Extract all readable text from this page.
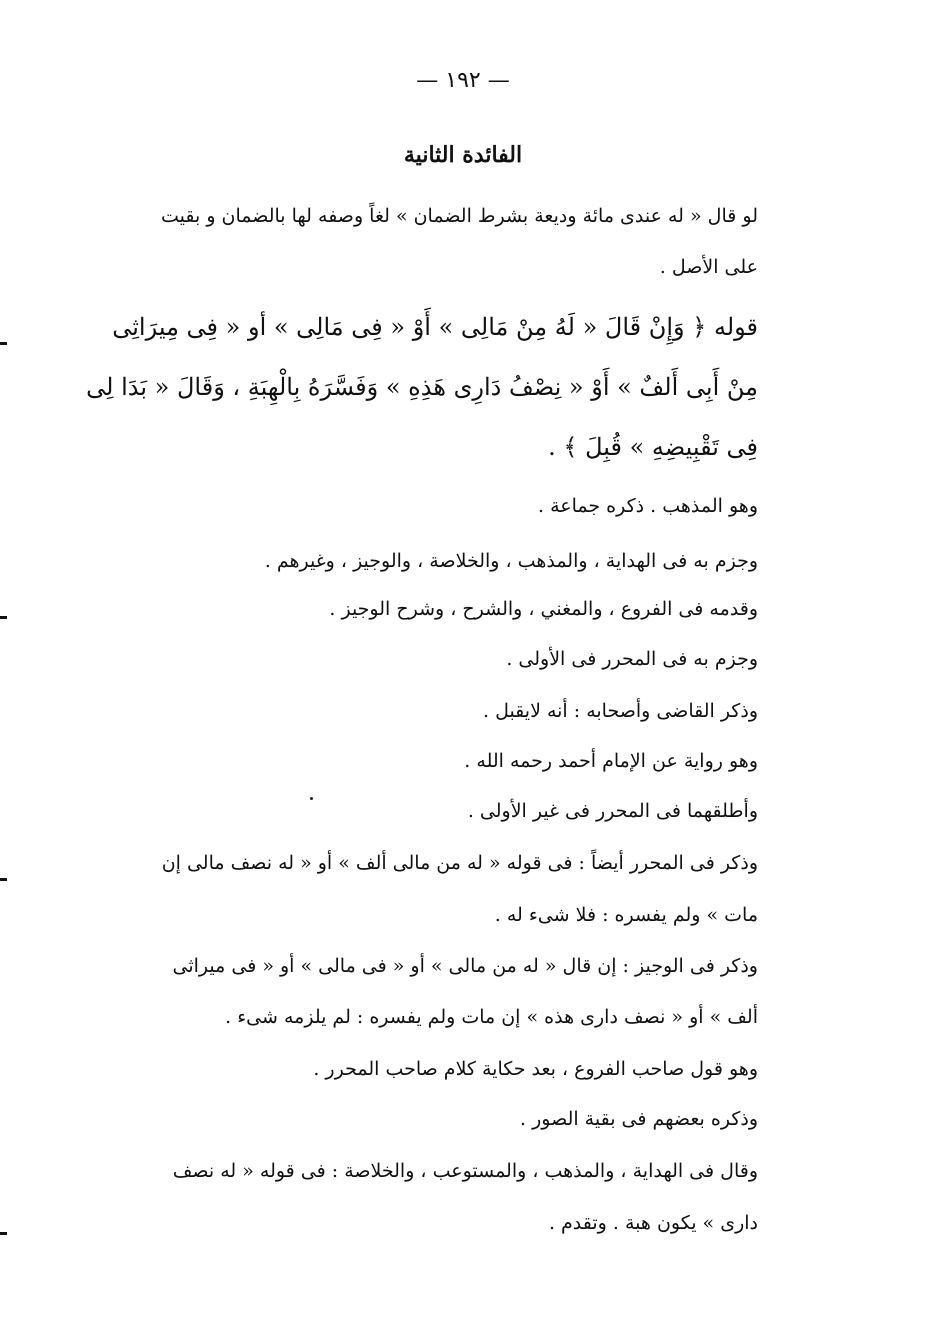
— ١٩٢ —
الفائدة الثانية
لو قال « له عندى مائة وديعة بشرط الضمان » لغاً وصفه لها بالضمان و بقيت
على الأصل .
قوله ﴿ وَإِنْ قَالَ « لَهُ مِنْ مَالِى » أَوْ « فِى مَالِى » أو « فِى مِيرَاثِى
مِنْ أَبِى أَلفٌ » أَوْ « نِصْفُ دَارِى هَذِهِ » وَفَسَّرَهُ بِالْهِبَةِ ، وَقَالَ « بَدَا لِى
فِى تَقْبِيضِهِ » قُبِلَ ﴾ .
وهو المذهب . ذكره جماعة .
وجزم به فى الهداية ، والمذهب ، والخلاصة ، والوجيز ، وغيرهم .
وقدمه فى الفروع ، والمغني ، والشرح ، وشرح الوجيز .
وجزم به فى المحرر فى الأولى .
وذكر القاضى وأصحابه : أنه لايقبل .
وهو رواية عن الإمام أحمد رحمه الله .
وأطلقهما فى المحرر فى غير الأولى .
وذكر فى المحرر أيضاً : فى قوله « له من مالى ألف » أو « له نصف مالى إن
مات » ولم يفسره : فلا شىء له .
وذكر فى الوجيز : إن قال « له من مالى » أو « فى مالى » أو « فى ميراثى
ألف » أو « نصف دارى هذه » إن مات ولم يفسره : لم يلزمه شىء .
وهو قول صاحب الفروع ، بعد حكاية كلام صاحب المحرر .
وذكره بعضهم فى بقية الصور .
وقال فى الهداية ، والمذهب ، والمستوعب ، والخلاصة : فى قوله « له نصف
دارى » يكون هبة . وتقدم .
